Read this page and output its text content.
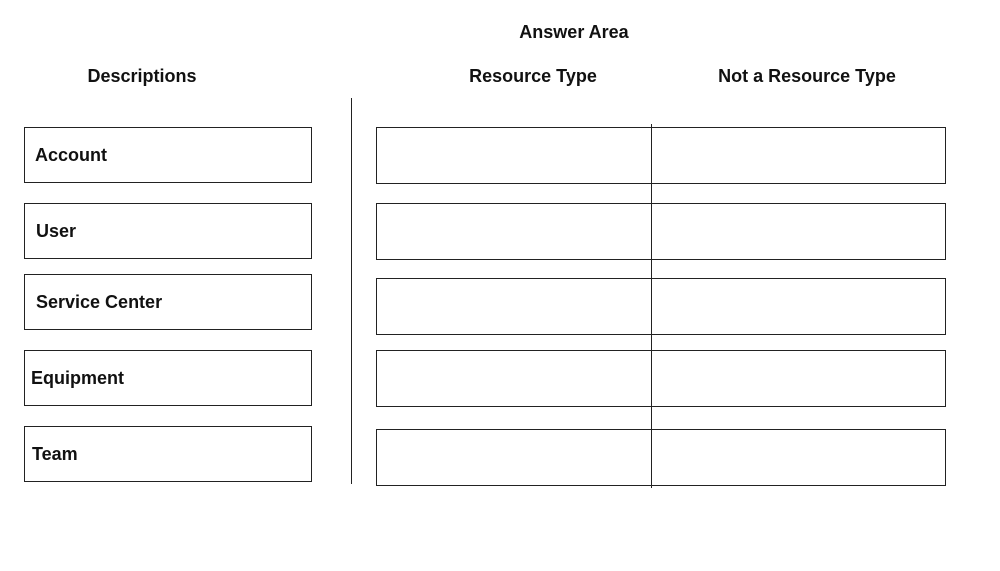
Answer Area
Descriptions	Resource Type	Not a Resource Type
Account
User
Service Center
Equipment
Team
